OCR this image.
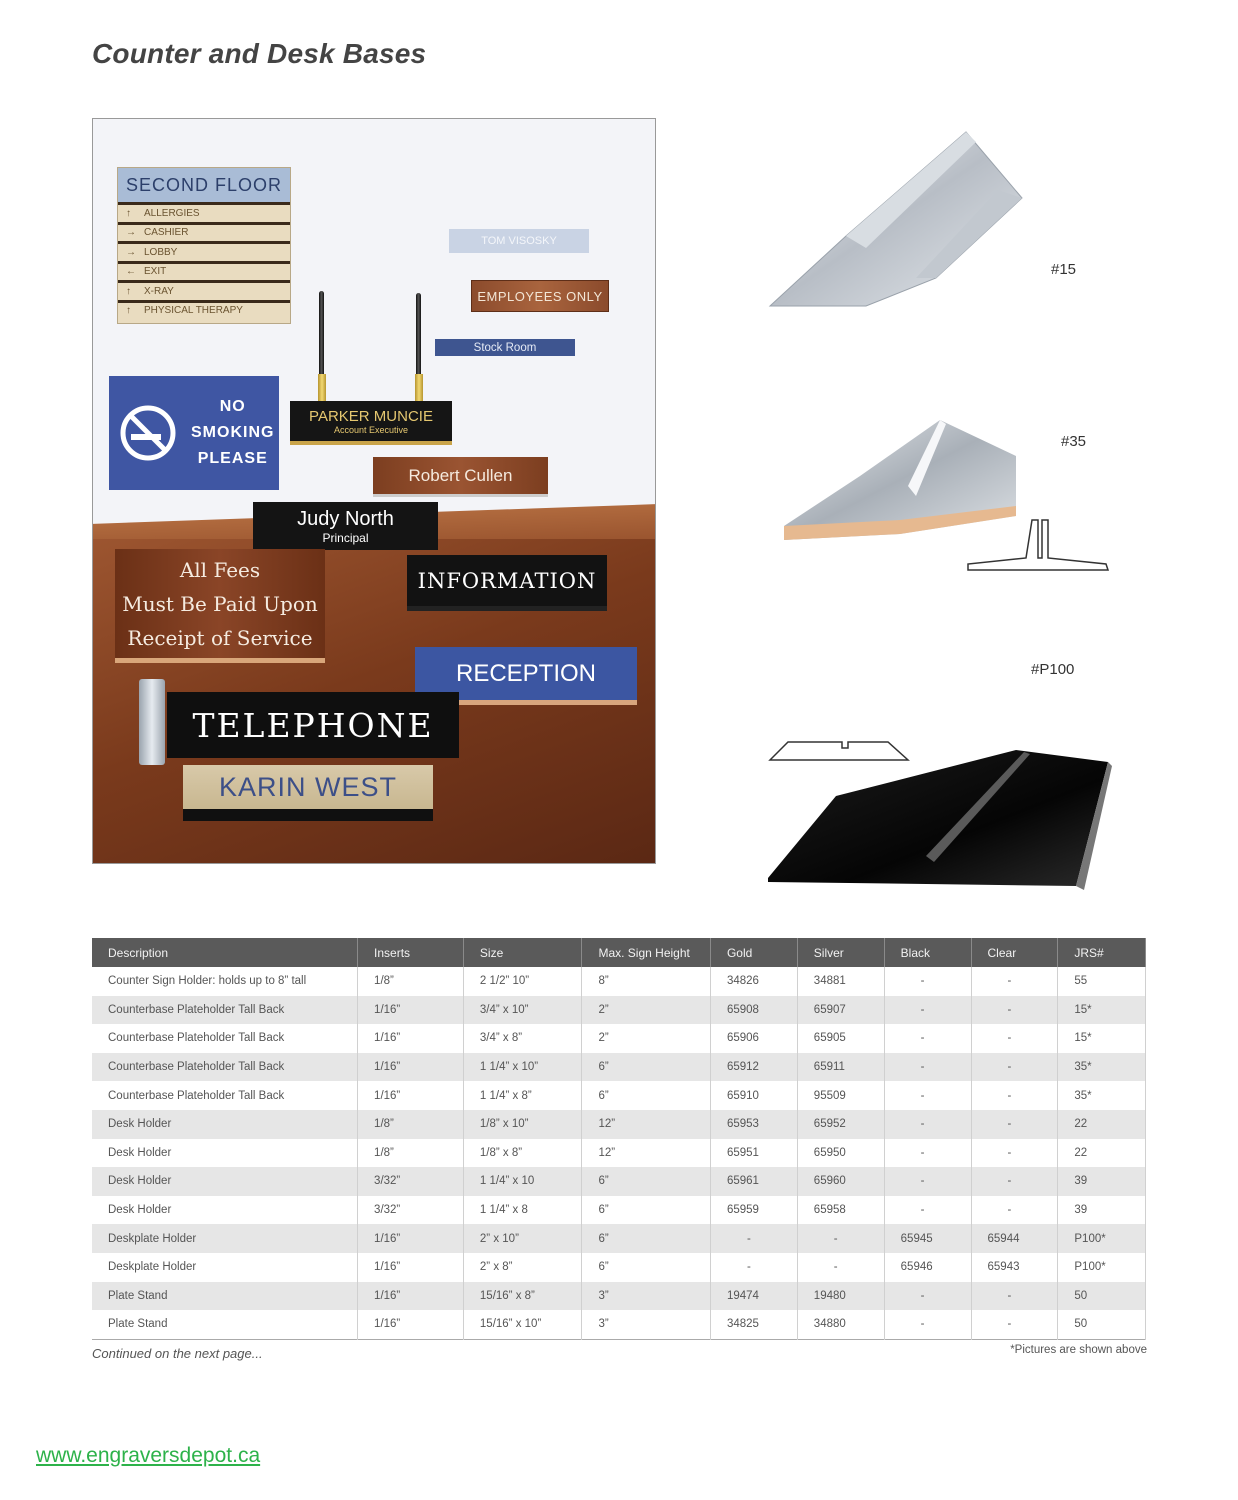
Counter and Desk Bases
SECOND FLOOR
↑	ALLERGIES
→ CASHIER
→ LOBBY
← EXIT
↑	X-RAY
↑	PHYSICAL THERAPY
TOM VISOSKY
EMPLOYEES ONLY
Stock Room
NO
SMOKING
PLEASE
PARKER MUNCIE
Account Executive
Robert Cullen
Judy North
Principal
All Fees
Must Be Paid Upon
Receipt of Service
INFORMATION
RECEPTION
TELEPHONE
KARIN WEST
#15
#35
#P100
Description	Inserts	Size	Max. Sign Height	Gold	Silver	Black	Clear	JRS#
Counter Sign Holder: holds up to 8” tall	1/8”	2 1/2” 10”	8”	34826	34881	-	-	55
Counterbase Plateholder Tall Back	1/16”	3/4” x 10”	2”	65908	65907	-	-	15*
Counterbase Plateholder Tall Back	1/16”	3/4” x 8”	2”	65906	65905	-	-	15*
Counterbase Plateholder Tall Back	1/16”	1 1/4” x 10”	6”	65912	65911	-	-	35*
Counterbase Plateholder Tall Back	1/16”	1 1/4” x 8”	6”	65910	95509	-	-	35*
Desk Holder	1/8”	1/8” x 10”	12”	65953	65952	-	-	22
Desk Holder	1/8”	1/8” x 8”	12”	65951	65950	-	-	22
Desk Holder	3/32”	1 1/4” x 10	6”	65961	65960	-	-	39
Desk Holder	3/32”	1 1/4” x 8	6”	65959	65958	-	-	39
Deskplate Holder	1/16”	2” x 10”	6”	-	-	65945	65944	P100*
Deskplate Holder	1/16”	2” x 8”	6”	-	-	65946	65943	P100*
Plate Stand	1/16”	15/16” x 8”	3”	19474	19480	-	-	50
Plate Stand	1/16”	15/16” x 10”	3”	34825	34880	-	-	50
Continued on the next page...	*Pictures are shown above
www.engraversdepot.ca
